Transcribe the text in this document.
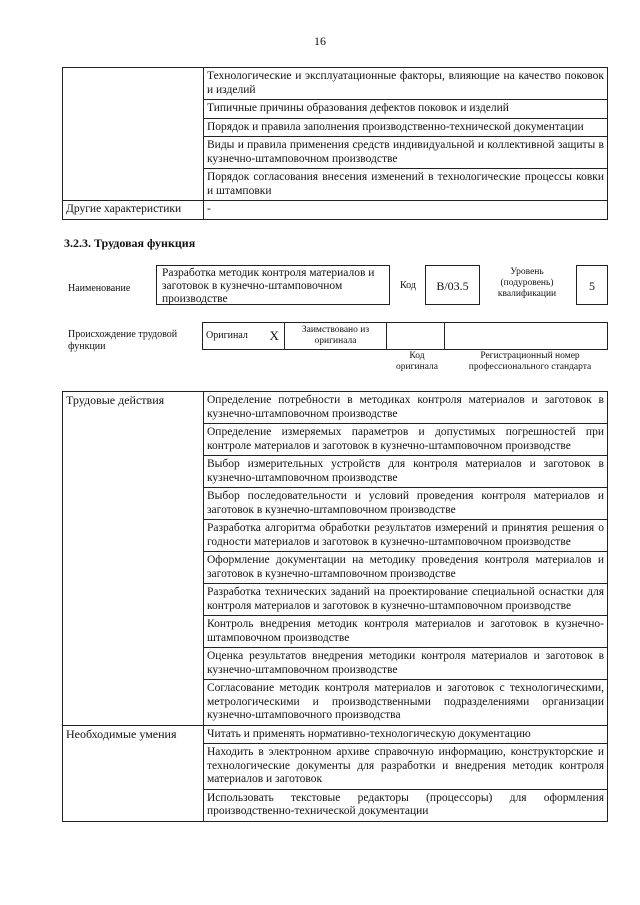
16
	Технологические и эксплуатационные факторы, влияющие на качество поковок и изделий
	Типичные причины образования дефектов поковок и изделий
	Порядок и правила заполнения производственно-технической документации
	Виды и правила применения средств индивидуальной и коллективной защиты в кузнечно-штамповочном производстве
	Порядок согласования внесения изменений в технологические процессы ковки и штамповки
Другие характеристики	-
3.2.3. Трудовая функция
Наименование
Разработка методик контроля материалов и заготовок в кузнечно-штамповочном производстве
Код	В/03.5
Уровень (подуровень) квалификации
5
Происхождение трудовой функции
Оригинал	X	Заимствовано из оригинала		
Код оригинала
Регистрационный номер профессионального стандарта
Трудовые действия	Определение потребности в методиках контроля материалов и заготовок в кузнечно-штамповочном производстве
	Определение измеряемых параметров и допустимых погрешностей при контроле материалов и заготовок в кузнечно-штамповочном производстве
	Выбор измерительных устройств для контроля материалов и заготовок в кузнечно-штамповочном производстве
	Выбор последовательности и условий проведения контроля материалов и заготовок в кузнечно-штамповочном производстве
	Разработка алгоритма обработки результатов измерений и принятия решения о годности материалов и заготовок в кузнечно-штамповочном производстве
	Оформление документации на методику проведения контроля материалов и заготовок в кузнечно-штамповочном производстве
	Разработка технических заданий на проектирование специальной оснастки для контроля материалов и заготовок в кузнечно-штамповочном производстве
	Контроль внедрения методик контроля материалов и заготовок в кузнечно-штамповочном производстве
	Оценка результатов внедрения методики контроля материалов и заготовок в кузнечно-штамповочном производстве
	Согласование методик контроля материалов и заготовок с технологическими, метрологическими и производственными подразделениями организации кузнечно-штамповочного производства
Необходимые умения	Читать и применять нормативно-технологическую документацию
	Находить в электронном архиве справочную информацию, конструкторские и технологические документы для разработки и внедрения методик контроля материалов и заготовок
	Использовать текстовые редакторы (процессоры) для оформления производственно-технической документации
